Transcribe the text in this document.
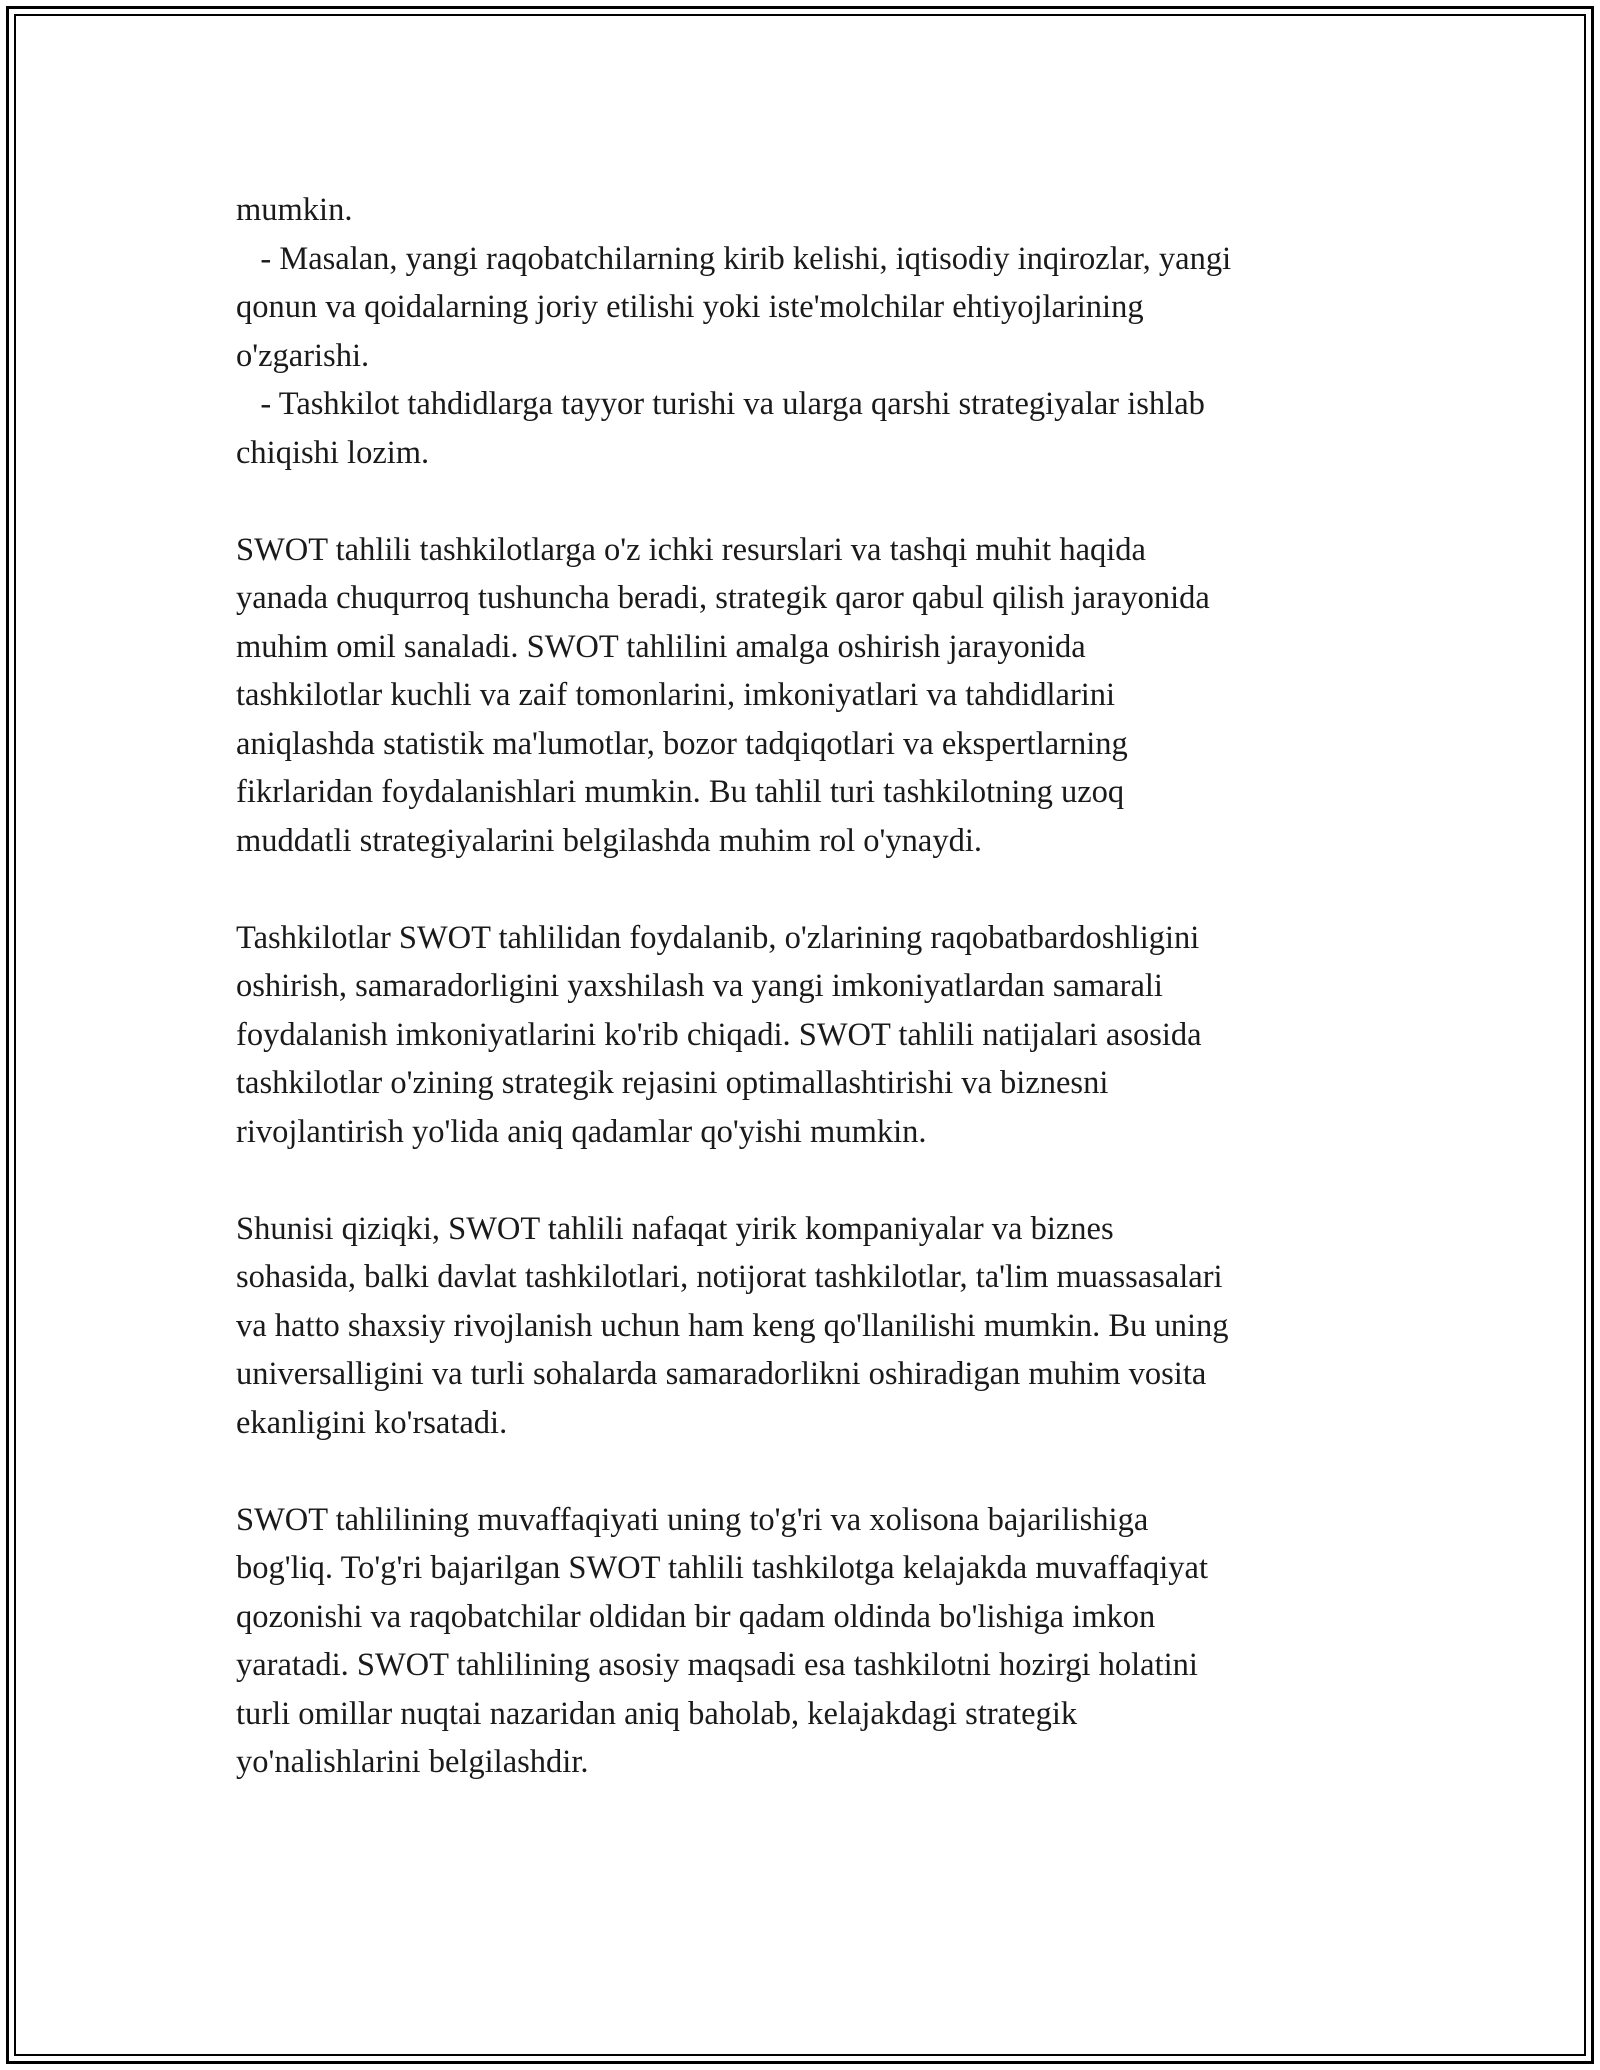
mumkin.
- Masalan, yangi raqobatchilarning kirib kelishi, iqtisodiy inqirozlar, yangi
qonun va qoidalarning joriy etilishi yoki iste'molchilar ehtiyojlarining
o'zgarishi.
- Tashkilot tahdidlarga tayyor turishi va ularga qarshi strategiyalar ishlab
chiqishi lozim.
SWOT tahlili tashkilotlarga o'z ichki resurslari va tashqi muhit haqida
yanada chuqurroq tushuncha beradi, strategik qaror qabul qilish jarayonida
muhim omil sanaladi. SWOT tahlilini amalga oshirish jarayonida
tashkilotlar kuchli va zaif tomonlarini, imkoniyatlari va tahdidlarini
aniqlashda statistik ma'lumotlar, bozor tadqiqotlari va ekspertlarning
fikrlaridan foydalanishlari mumkin. Bu tahlil turi tashkilotning uzoq
muddatli strategiyalarini belgilashda muhim rol o'ynaydi.
Tashkilotlar SWOT tahlilidan foydalanib, o'zlarining raqobatbardoshligini
oshirish, samaradorligini yaxshilash va yangi imkoniyatlardan samarali
foydalanish imkoniyatlarini ko'rib chiqadi. SWOT tahlili natijalari asosida
tashkilotlar o'zining strategik rejasini optimallashtirishi va biznesni
rivojlantirish yo'lida aniq qadamlar qo'yishi mumkin.
Shunisi qiziqki, SWOT tahlili nafaqat yirik kompaniyalar va biznes
sohasida, balki davlat tashkilotlari, notijorat tashkilotlar, ta'lim muassasalari
va hatto shaxsiy rivojlanish uchun ham keng qo'llanilishi mumkin. Bu uning
universalligini va turli sohalarda samaradorlikni oshiradigan muhim vosita
ekanligini ko'rsatadi.
SWOT tahlilining muvaffaqiyati uning to'g'ri va xolisona bajarilishiga
bog'liq. To'g'ri bajarilgan SWOT tahlili tashkilotga kelajakda muvaffaqiyat
qozonishi va raqobatchilar oldidan bir qadam oldinda bo'lishiga imkon
yaratadi. SWOT tahlilining asosiy maqsadi esa tashkilotni hozirgi holatini
turli omillar nuqtai nazaridan aniq baholab, kelajakdagi strategik
yo'nalishlarini belgilashdir.
